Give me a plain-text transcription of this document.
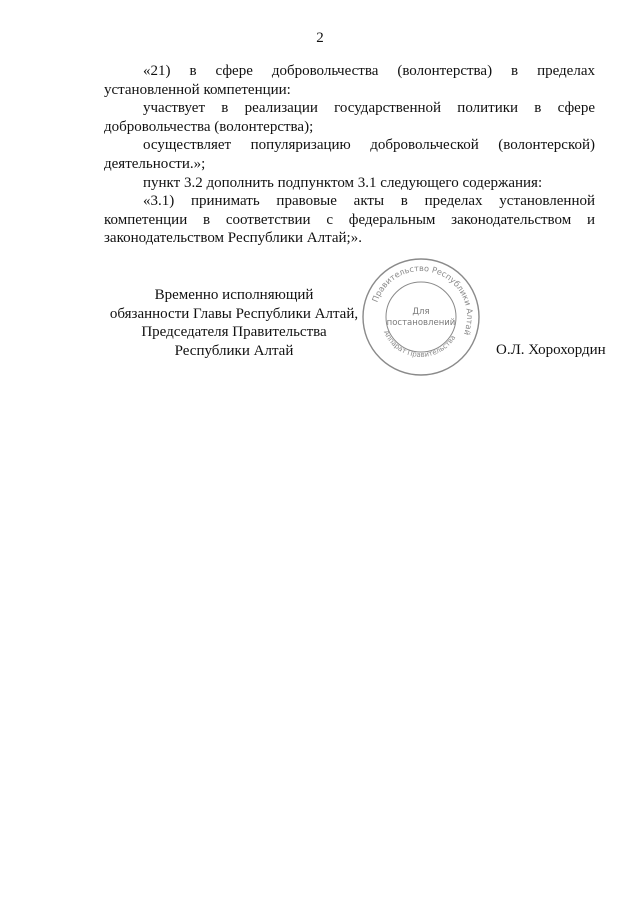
2

«21) в сфере добровольчества (волонтерства) в пределах установленной компетенции:

участвует в реализации государственной политики в сфере добровольчества (волонтерства);

осуществляет популяризацию добровольческой (волонтерской) деятельности.»;

пункт 3.2 дополнить подпунктом 3.1 следующего содержания:

«3.1) принимать правовые акты в пределах установленной компетенции в соответствии с федеральным законодательством и законодательством Республики Алтай;».

Временно исполняющий
обязанности Главы Республики Алтай,
Председателя Правительства
Республики Алтай
Правительство Республики Алтай
Аппарат Правительства
Для
постановлений
О.Л. Хорохордин
